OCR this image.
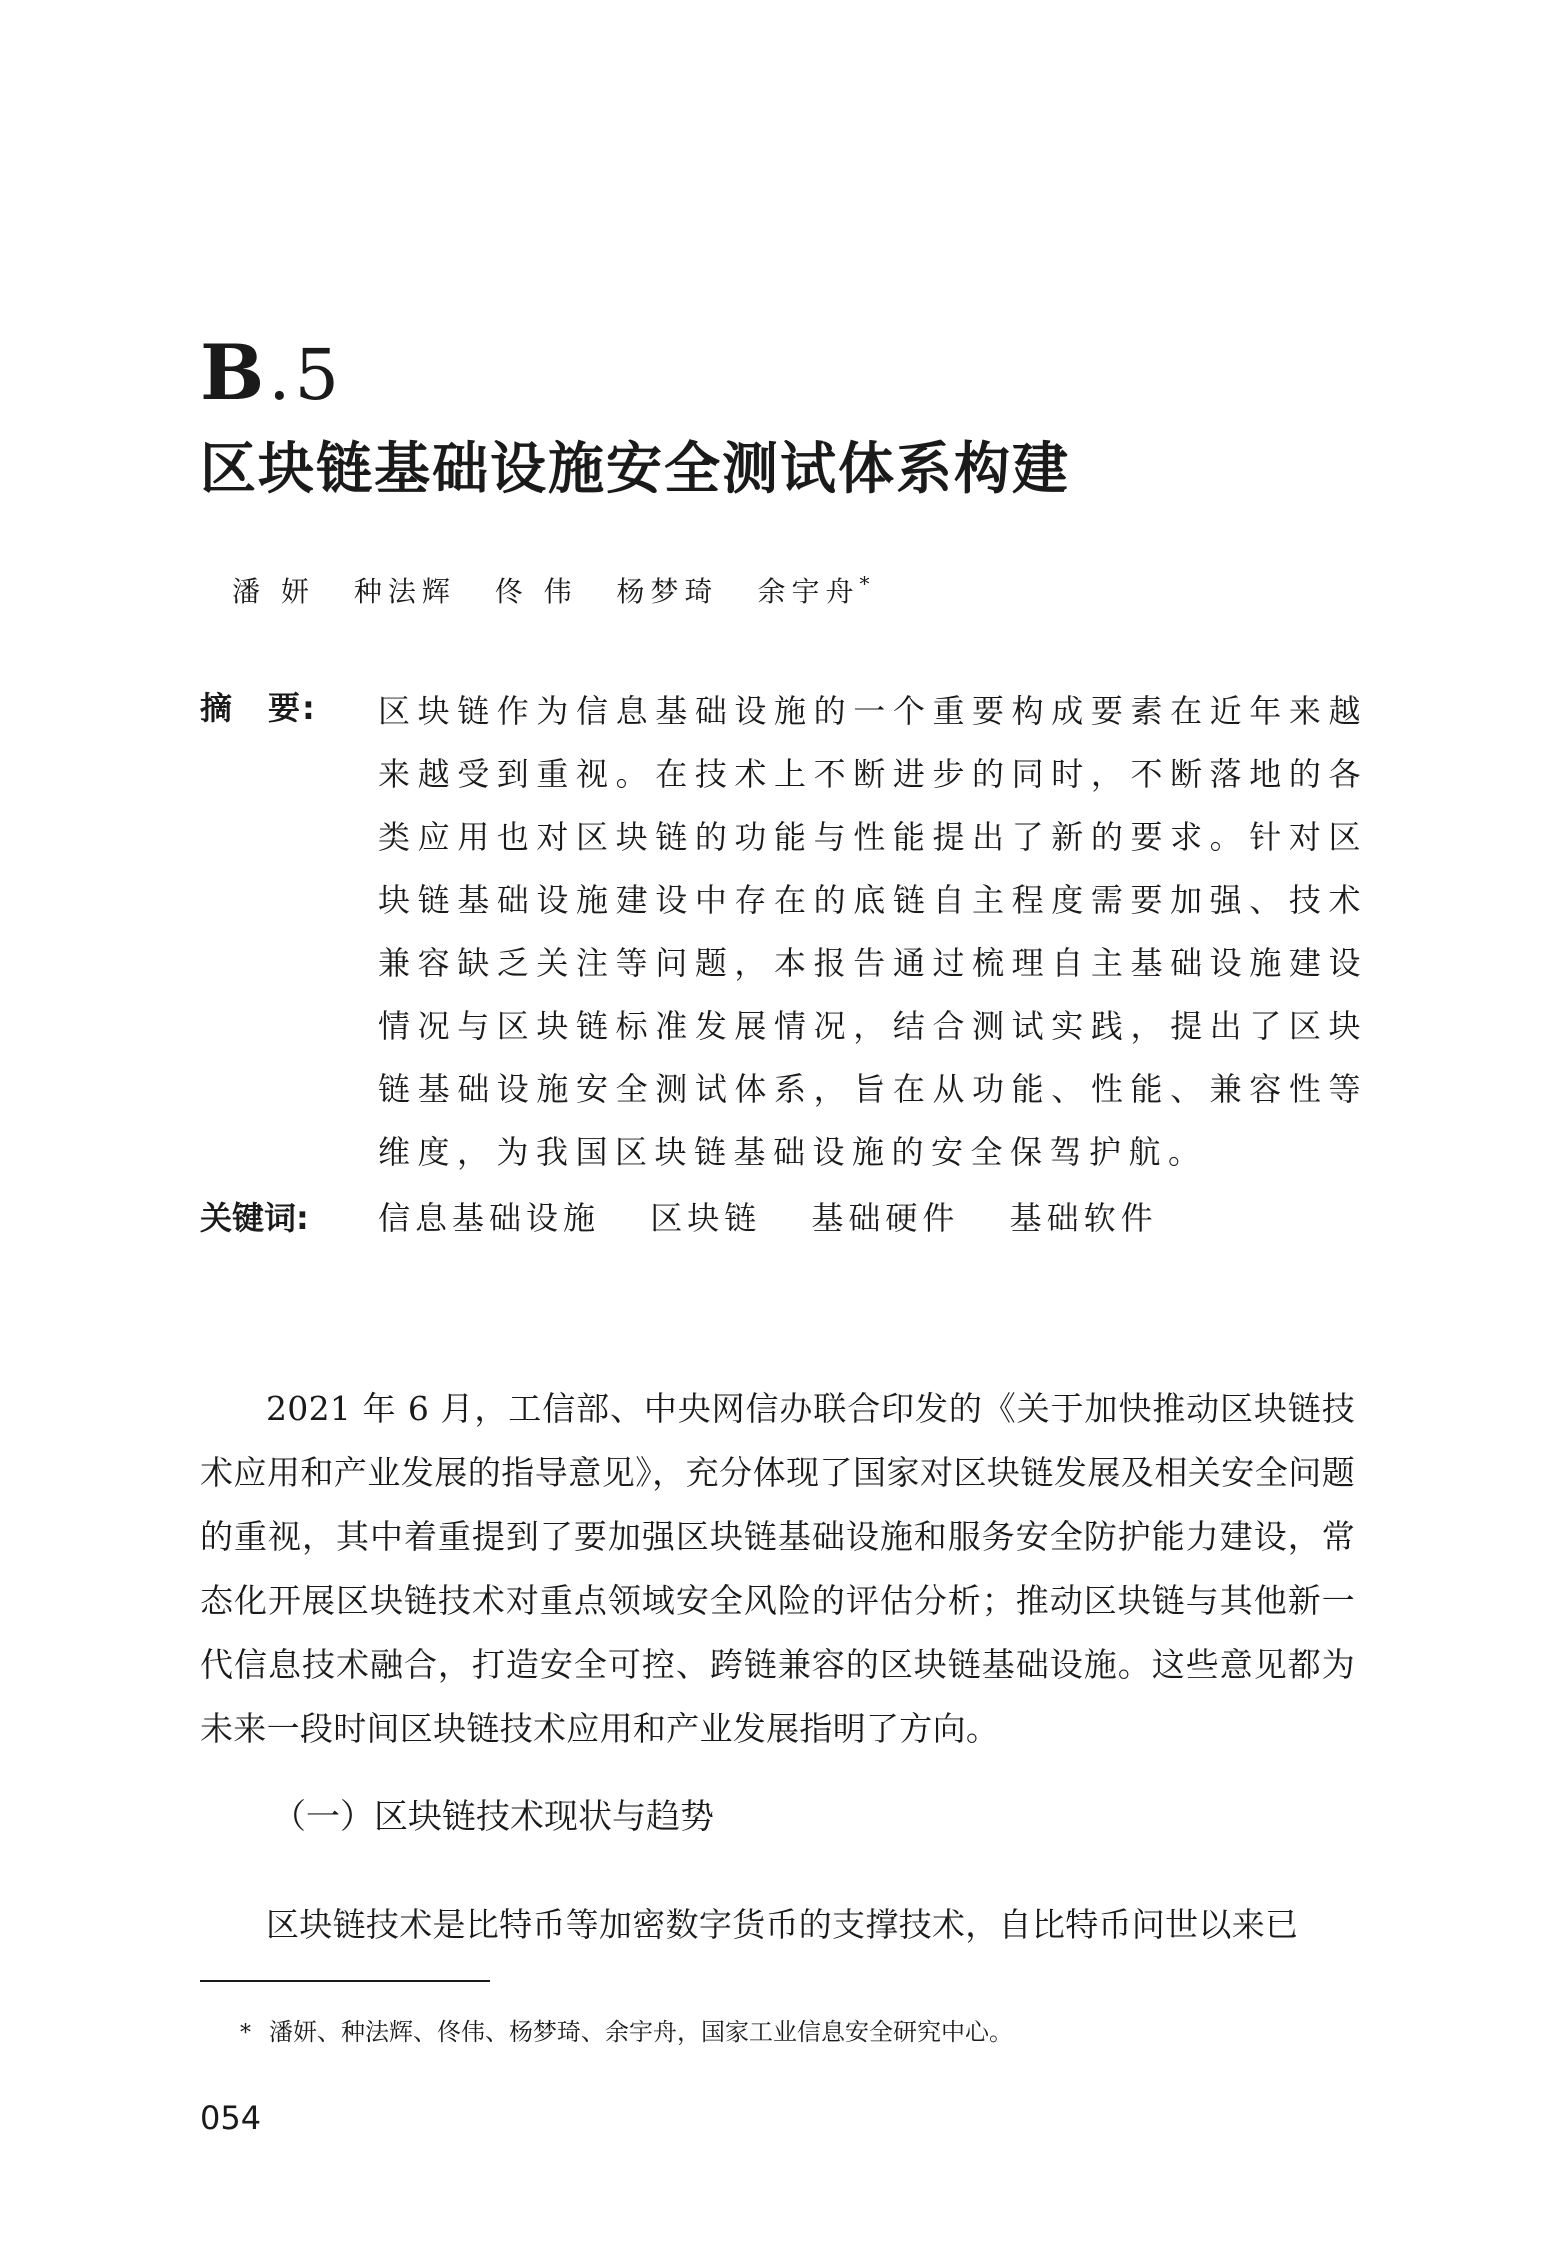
B.5
区块链基础设施安全测试体系构建
潘 妍 种法辉 佟 伟 杨梦琦 余宇舟*
摘　要: 区块链作为信息基础设施的一个重要构成要素在近年来越来越受到重视。在技术上不断进步的同时，不断落地的各类应用也对区块链的功能与性能提出了新的要求。针对区块链基础设施建设中存在的底链自主程度需要加强、技术兼容缺乏关注等问题，本报告通过梳理自主基础设施建设情况与区块链标准发展情况，结合测试实践，提出了区块链基础设施安全测试体系，旨在从功能、性能、兼容性等维度，为我国区块链基础设施的安全保驾护航。

关键词: 信息基础设施 区块链 基础硬件 基础软件

2021 年 6 月，工信部、中央网信办联合印发的《关于加快推动区块链技术应用和产业发展的指导意见》，充分体现了国家对区块链发展及相关安全问题的重视，其中着重提到了要加强区块链基础设施和服务安全防护能力建设，常态化开展区块链技术对重点领域安全风险的评估分析；推动区块链与其他新一代信息技术融合，打造安全可控、跨链兼容的区块链基础设施。这些意见都为未来一段时间区块链技术应用和产业发展指明了方向。

（一）区块链技术现状与趋势

区块链技术是比特币等加密数字货币的支撑技术，自比特币问世以来已

* 潘妍、种法辉、佟伟、杨梦琦、余宇舟，国家工业信息安全研究中心。
054
